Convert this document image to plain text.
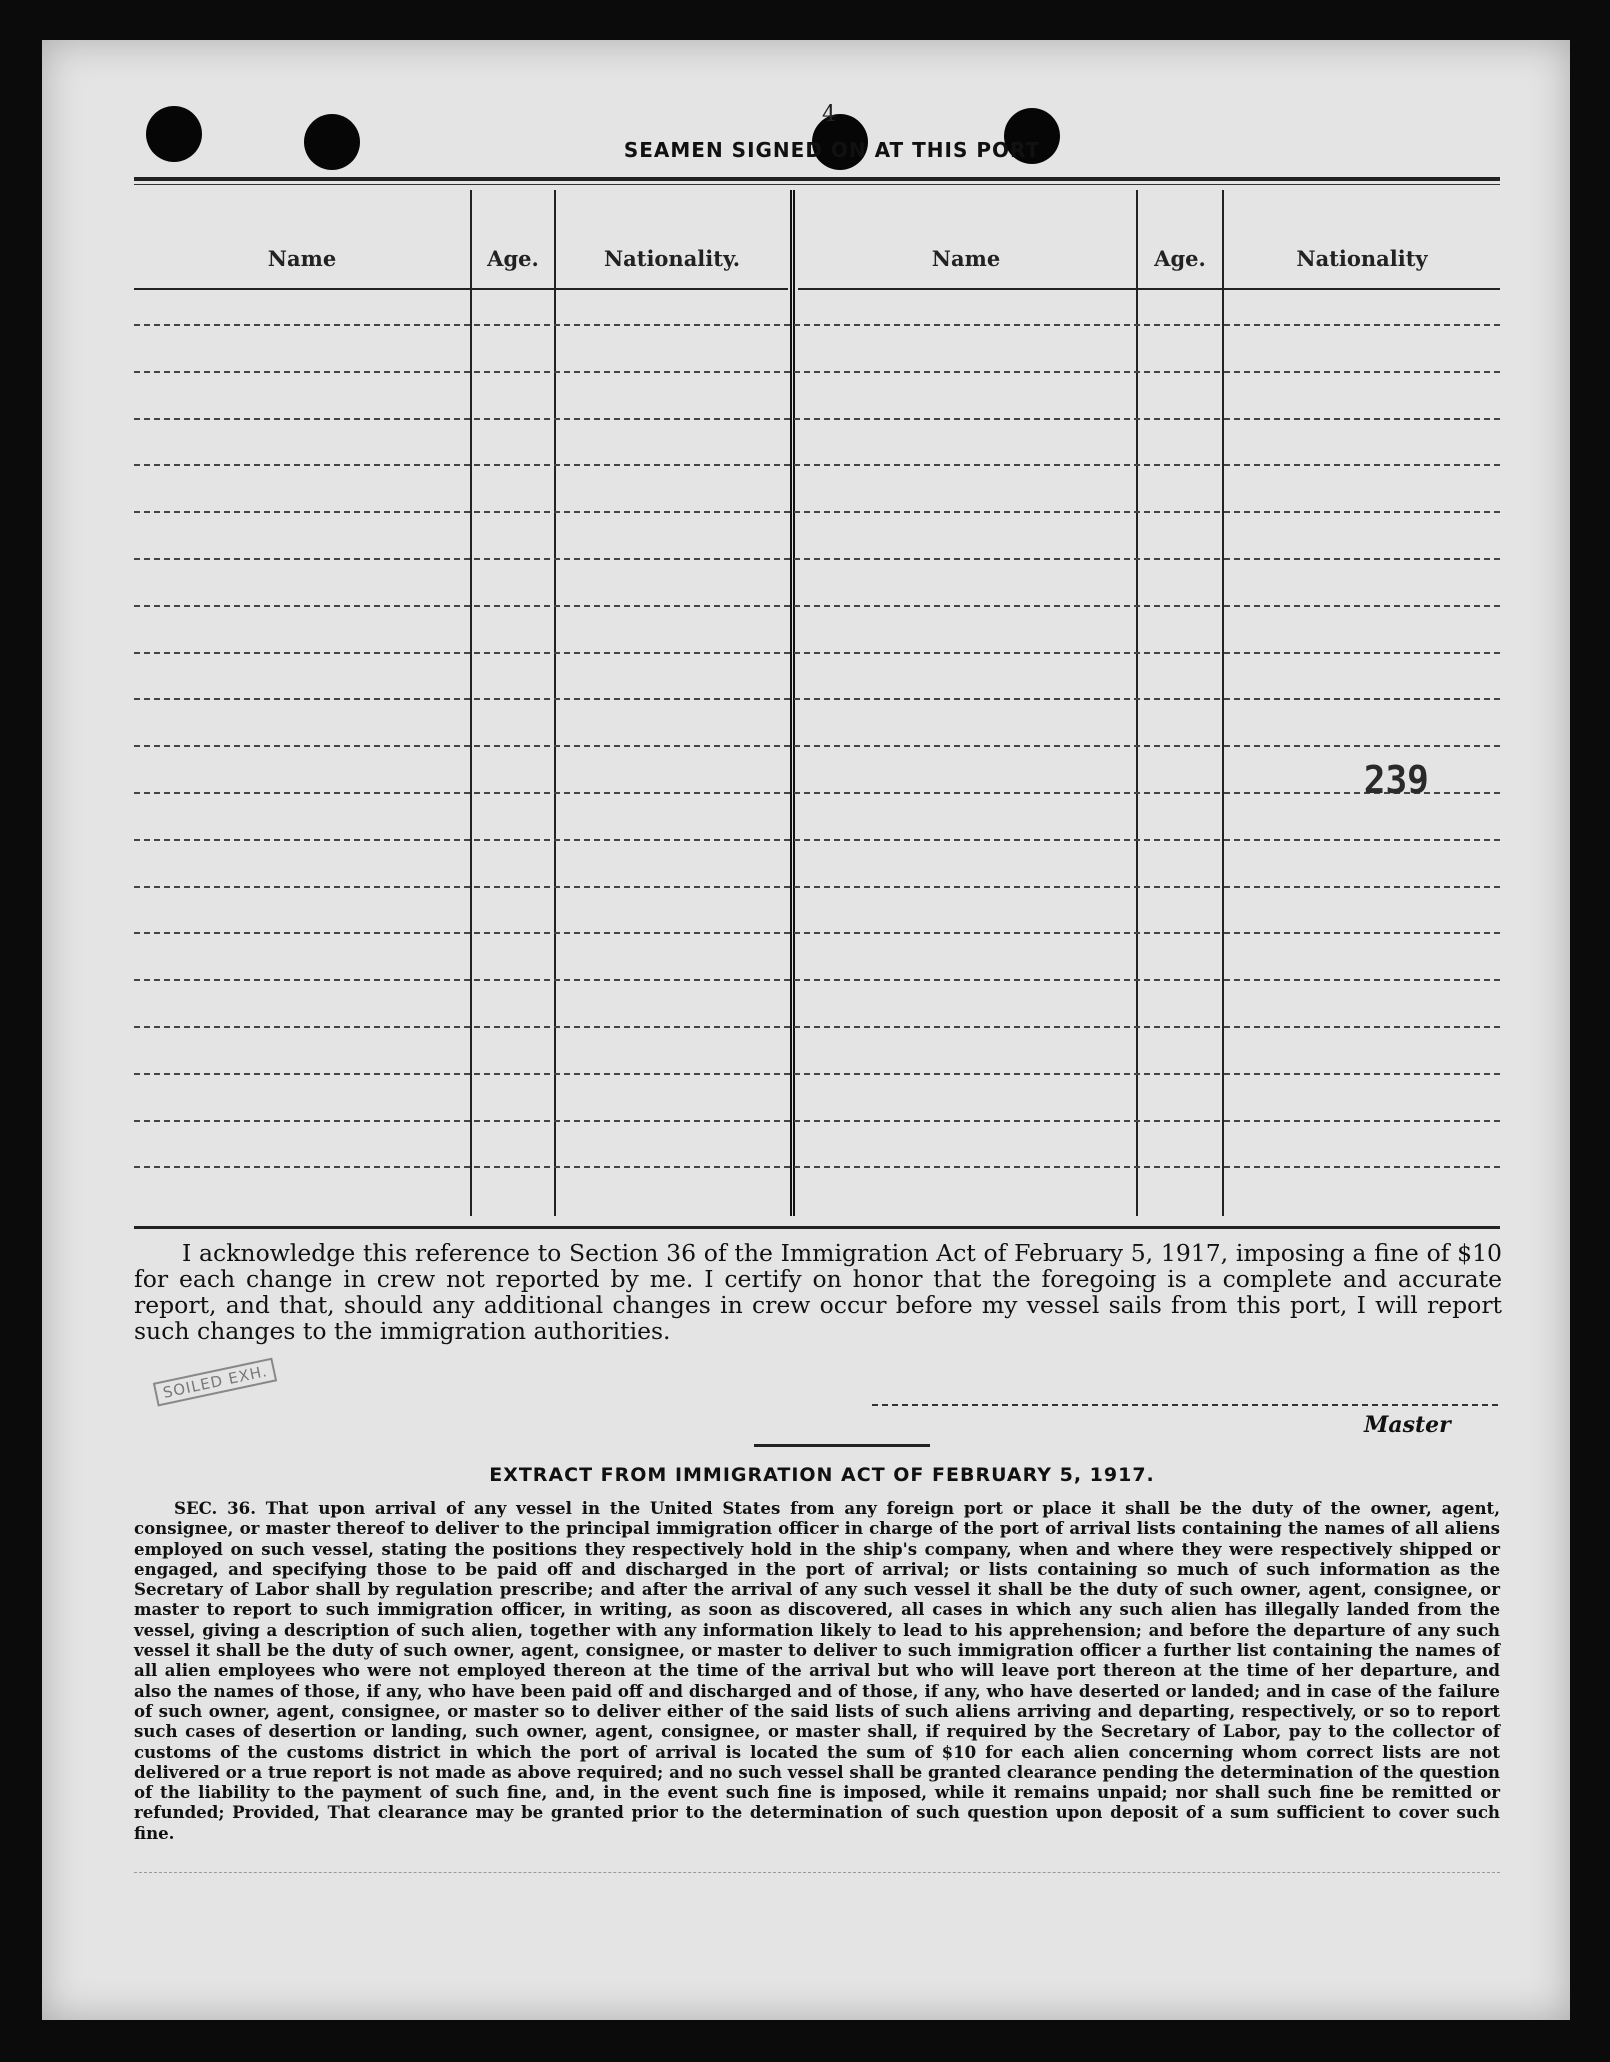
4
SEAMEN SIGNED ON AT THIS PORT
Name	Age.	Nationality.	Name	Age.	Nationality
239
I acknowledge this reference to Section 36 of the Immigration Act of February 5, 1917, imposing a fine of $10 for each change in crew not reported by me. I certify on honor that the foregoing is a complete and accurate report, and that, should any additional changes in crew occur before my vessel sails from this port, I will report such changes to the immigration authorities.
SOILED EXH.
Master
EXTRACT FROM IMMIGRATION ACT OF FEBRUARY 5, 1917.
SEC. 36. That upon arrival of any vessel in the United States from any foreign port or place it shall be the duty of the owner, agent, consignee, or master thereof to deliver to the principal immigration officer in charge of the port of arrival lists containing the names of all aliens employed on such vessel, stating the positions they respectively hold in the ship's company, when and where they were respectively shipped or engaged, and specifying those to be paid off and discharged in the port of arrival; or lists containing so much of such information as the Secretary of Labor shall by regulation prescribe; and after the arrival of any such vessel it shall be the duty of such owner, agent, consignee, or master to report to such immigration officer, in writing, as soon as discovered, all cases in which any such alien has illegally landed from the vessel, giving a description of such alien, together with any information likely to lead to his apprehension; and before the departure of any such vessel it shall be the duty of such owner, agent, consignee, or master to deliver to such immigration officer a further list containing the names of all alien employees who were not employed thereon at the time of the arrival but who will leave port thereon at the time of her departure, and also the names of those, if any, who have been paid off and discharged and of those, if any, who have deserted or landed; and in case of the failure of such owner, agent, consignee, or master so to deliver either of the said lists of such aliens arriving and departing, respectively, or so to report such cases of desertion or landing, such owner, agent, consignee, or master shall, if required by the Secretary of Labor, pay to the collector of customs of the customs district in which the port of arrival is located the sum of $10 for each alien concerning whom correct lists are not delivered or a true report is not made as above required; and no such vessel shall be granted clearance pending the determination of the question of the liability to the payment of such fine, and, in the event such fine is imposed, while it remains unpaid; nor shall such fine be remitted or refunded; Provided, That clearance may be granted prior to the determination of such question upon deposit of a sum sufficient to cover such fine.
